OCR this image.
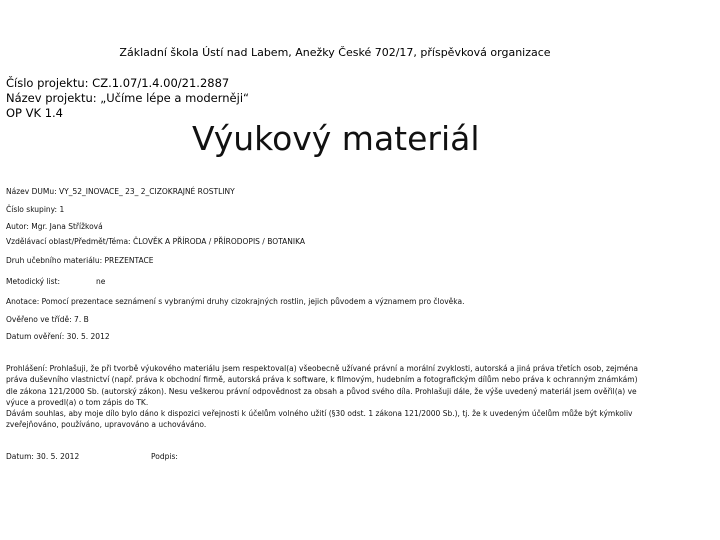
Základní škola Ústí nad Labem, Anežky České 702/17, příspěvková organizace
Číslo projektu: CZ.1.07/1.4.00/21.2887
Název projektu: „Učíme lépe a moderněji“
OP VK 1.4
Výukový materiál
Název DUMu: VY_52_INOVACE_ 23_ 2_CIZOKRAJNÉ ROSTLINY
Číslo skupiny: 1
Autor: Mgr. Jana Střížková
Vzdělávací oblast/Předmět/Téma: ČLOVĚK A PŘÍRODA / PŘÍRODOPIS / BOTANIKA
Druh učebního materiálu: PREZENTACE
Metodický list:	ne
Anotace: Pomocí prezentace seznámení s vybranými druhy cizokrajných rostlin, jejich původem a významem pro člověka.
Ověřeno ve třídě: 7. B
Datum ověření: 30. 5. 2012

Prohlášení: Prohlašuji, že při tvorbě výukového materiálu jsem respektoval(a) všeobecně užívané právní a morální zvyklosti, autorská a jiná práva třetích osob, zejména práva duševního vlastnictví (např. práva k obchodní firmě, autorská práva k software, k filmovým, hudebním a fotografickým dílům nebo práva k ochranným známkám) dle zákona 121/2000 Sb. (autorský zákon). Nesu veškerou právní odpovědnost za obsah a původ svého díla. Prohlašuji dále, že výše uvedený materiál jsem ověřil(a) ve výuce a provedl(a) o tom zápis do TK.

Dávám souhlas, aby moje dílo bylo dáno k dispozici veřejnosti k účelům volného užití (§30 odst. 1 zákona 121/2000 Sb.), tj. že k uvedeným účelům může být kýmkoliv zveřejňováno, používáno, upravováno a uchováváno.

Datum: 30. 5. 2012	Podpis:
